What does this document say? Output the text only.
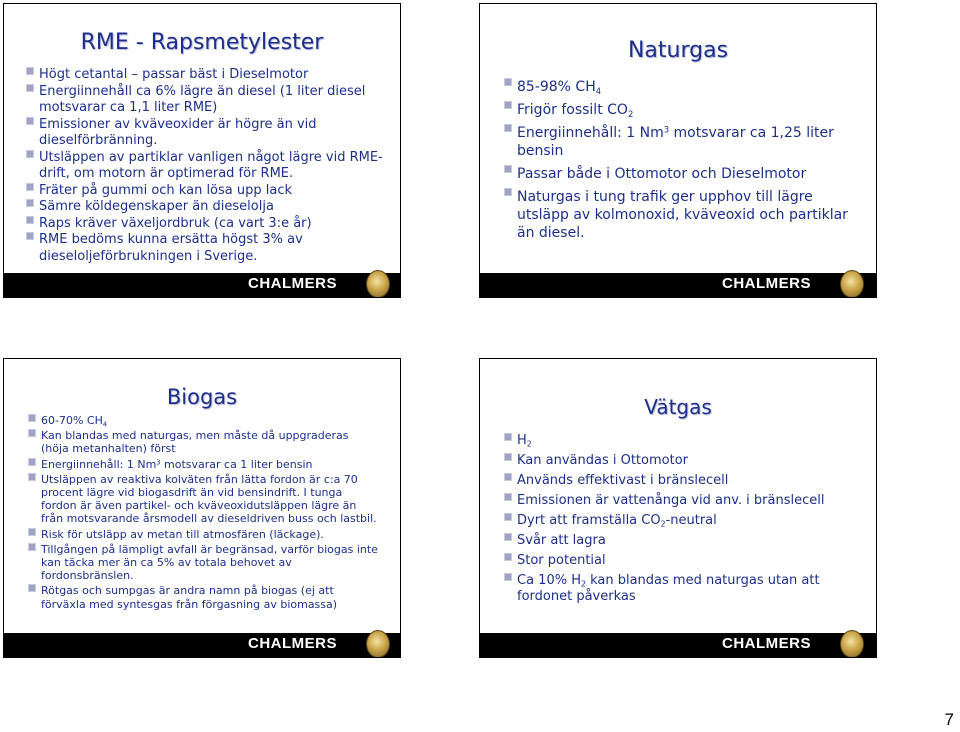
RME - Rapsmetylester
Högt cetantal – passar bäst i Dieselmotor
Energiinnehåll ca 6% lägre än diesel (1 liter diesel motsvarar ca 1,1 liter RME)
Emissioner av kväveoxider är högre än vid dieselförbränning.
Utsläppen av partiklar vanligen något lägre vid RME-drift, om motorn är optimerad för RME.
Fräter på gummi och kan lösa upp lack
Sämre köldegenskaper än dieselolja
Raps kräver växeljordbruk (ca vart 3:e år)
RME bedöms kunna ersätta högst 3% av dieseloljeförbrukningen i Sverige.
CHALMERS
Naturgas
85-98% $CH_4$
Frigör fossilt $CO_2$
Energiinnehåll: 1 Nm$^3$ motsvarar ca 1,25 liter bensin
Passar både i Ottomotor och Dieselmotor
Naturgas i tung trafik ger upphov till lägre utsläpp av kolmonoxid, kväveoxid och partiklar än diesel.
CHALMERS
Biogas
60-70% $CH_4$
Kan blandas med naturgas, men måste då uppgraderas (höja metanhalten) först
Energiinnehåll: 1 Nm$^3$ motsvarar ca 1 liter bensin
Utsläppen av reaktiva kolväten från lätta fordon är c:a 70 procent lägre vid biogasdrift än vid bensindrift. I tunga fordon är även partikel- och kväveoxidutsläppen lägre än från motsvarande årsmodell av dieseldriven buss och lastbil.
Risk för utsläpp av metan till atmosfären (läckage).
Tillgången på lämpligt avfall är begränsad, varför biogas inte kan täcka mer än ca 5% av totala behovet av fordonsbränslen.
Rötgas och sumpgas är andra namn på biogas (ej att förväxla med syntesgas från förgasning av biomassa)
CHALMERS
Vätgas
$H_2$
Kan användas i Ottomotor
Används effektivast i bränslecell
Emissionen är vattenånga vid anv. i bränslecell
Dyrt att framställa $CO_2$-neutral
Svår att lagra
Stor potential
Ca 10% $H_2$ kan blandas med naturgas utan att fordonet påverkas
CHALMERS
7
